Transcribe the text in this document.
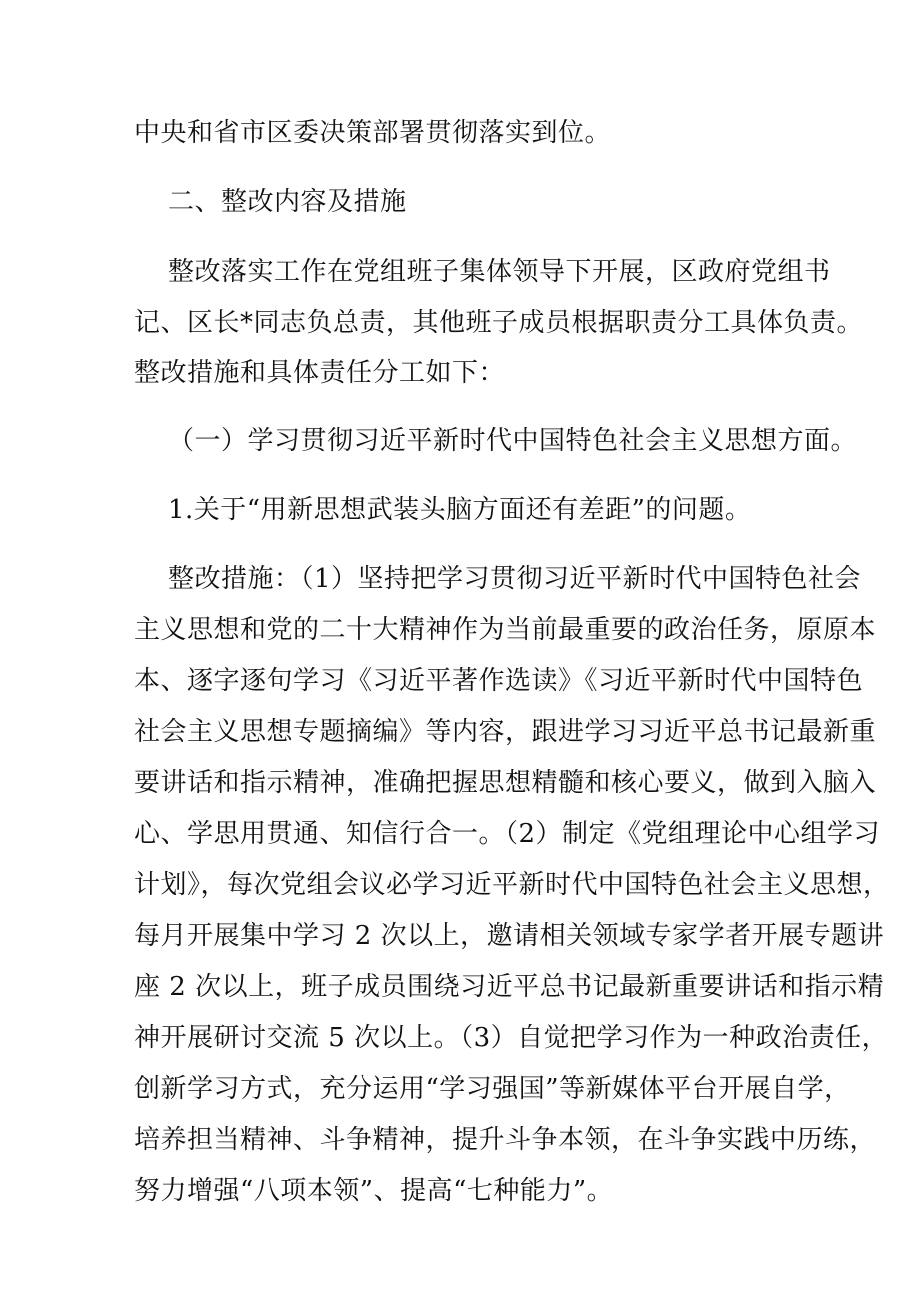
中央和省市区委决策部署贯彻落实到位。
二、整改内容及措施
整改落实工作在党组班子集体领导下开展，区政府党组书
记、区长*同志负总责，其他班子成员根据职责分工具体负责。
整改措施和具体责任分工如下：
（一）学习贯彻习近平新时代中国特色社会主义思想方面。
1.关于“用新思想武装头脑方面还有差距”的问题。
整改措施：（1）坚持把学习贯彻习近平新时代中国特色社会
主义思想和党的二十大精神作为当前最重要的政治任务，原原本
本、逐字逐句学习《习近平著作选读》《习近平新时代中国特色
社会主义思想专题摘编》等内容，跟进学习习近平总书记最新重
要讲话和指示精神，准确把握思想精髓和核心要义，做到入脑入
心、学思用贯通、知信行合一。（2）制定《党组理论中心组学习
计划》，每次党组会议必学习近平新时代中国特色社会主义思想，
每月开展集中学习 2 次以上，邀请相关领域专家学者开展专题讲
座 2 次以上，班子成员围绕习近平总书记最新重要讲话和指示精
神开展研讨交流 5 次以上。（3）自觉把学习作为一种政治责任，
创新学习方式，充分运用“学习强国”等新媒体平台开展自学，
培养担当精神、斗争精神，提升斗争本领，在斗争实践中历练，
努力增强“八项本领”、提高“七种能力”。
